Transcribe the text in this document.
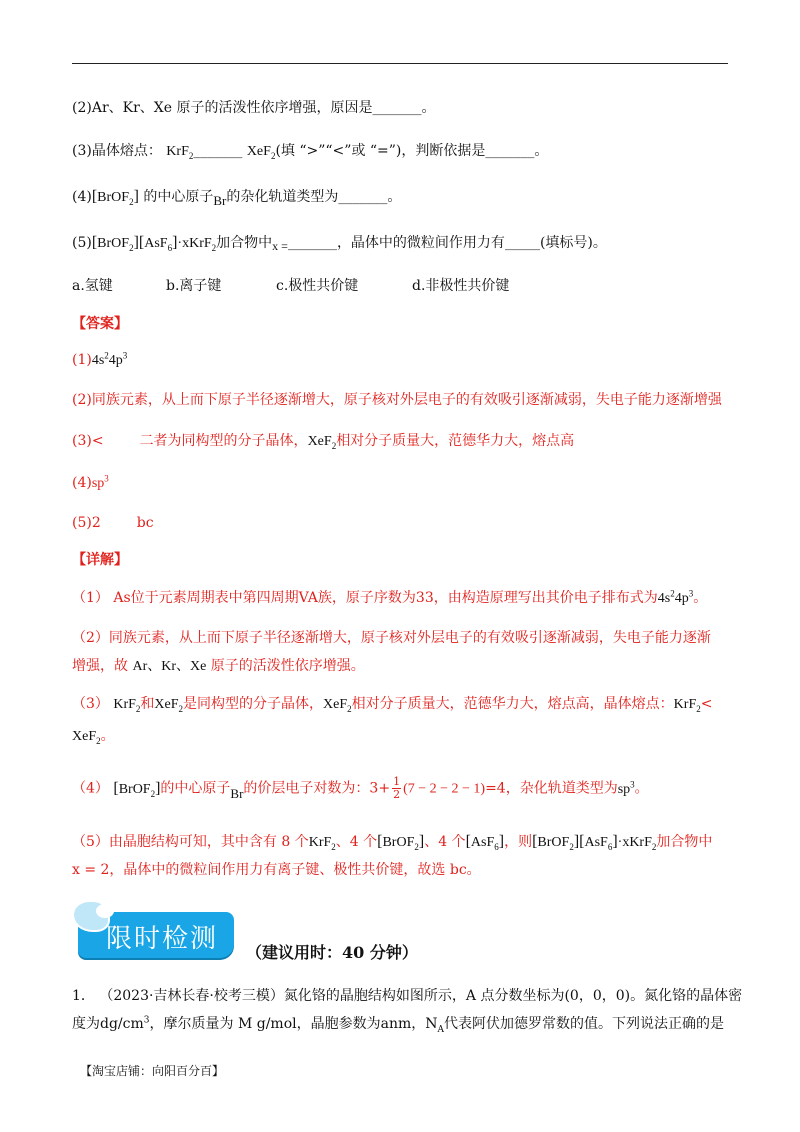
(2)Ar、Kr、Xe 原子的活泼性依序增强，原因是_______。
(3)晶体熔点： KrF$_2$_______ XeF$_2$(填 “>”“<”或 “=”)，判断依据是_______。
(4)[BrOF$_2$] 的中心原子Br的杂化轨道类型为_______。
(5)[BrOF$_2$][AsF$_6$]·xKrF$_2$加合物中x =_______，晶体中的微粒间作用力有_____(填标号)。
a.氢键	b.离子键	c.极性共价键	d.非极性共价键
【答案】
$(1)4s^24p^3$
(2)同族元素，从上而下原子半径逐渐增大，原子核对外层电子的有效吸引逐渐减弱，失电子能力逐渐增强
(3)<	二者为同构型的分子晶体，XeF$_2$相对分子质量大，范德华力大，熔点高
$(4)sp^3$
(5)2	bc
【详解】
（1） As位于元素周期表中第四周期VA族，原子序数为33，由构造原理写出其价电子排布式为$4s^24p^3$。
（2）同族元素，从上而下原子半径逐渐增大，原子核对外层电子的有效吸引逐渐减弱，失电子能力逐渐
增强，故 Ar、Kr、Xe 原子的活泼性依序增强。
（3） KrF$_2$和XeF$_2$是同构型的分子晶体，XeF$_2$相对分子质量大，范德华力大，熔点高，晶体熔点：KrF$_2$<
XeF$_2$。
（4） [BrOF$_2$]的中心原子Br的价层电子对数为：$3+ \frac{1}{2} (7 - 2 - 2 - 1)=4$，杂化轨道类型为$sp^3$。
（5）由晶胞结构可知，其中含有 8 个KrF$_2$、4 个[BrOF$_2$]、4 个[AsF$_6$]，则[BrOF$_2$][AsF$_6$]·xKrF$_2$加合物中
x = 2，晶体中的微粒间作用力有离子键、极性共价键，故选 bc。
限时检测 （建议用时：40 分钟）
1． （2023·吉林长春·校考三模）氮化铬的晶胞结构如图所示，A 点分数坐标为(0，0，0)。氮化铬的晶体密
度为$dg/cm^3$，摩尔质量为 M g/mol，晶胞参数为anm，$N_A$代表阿伏加德罗常数的值。下列说法正确的是
【淘宝店铺：向阳百分百】
